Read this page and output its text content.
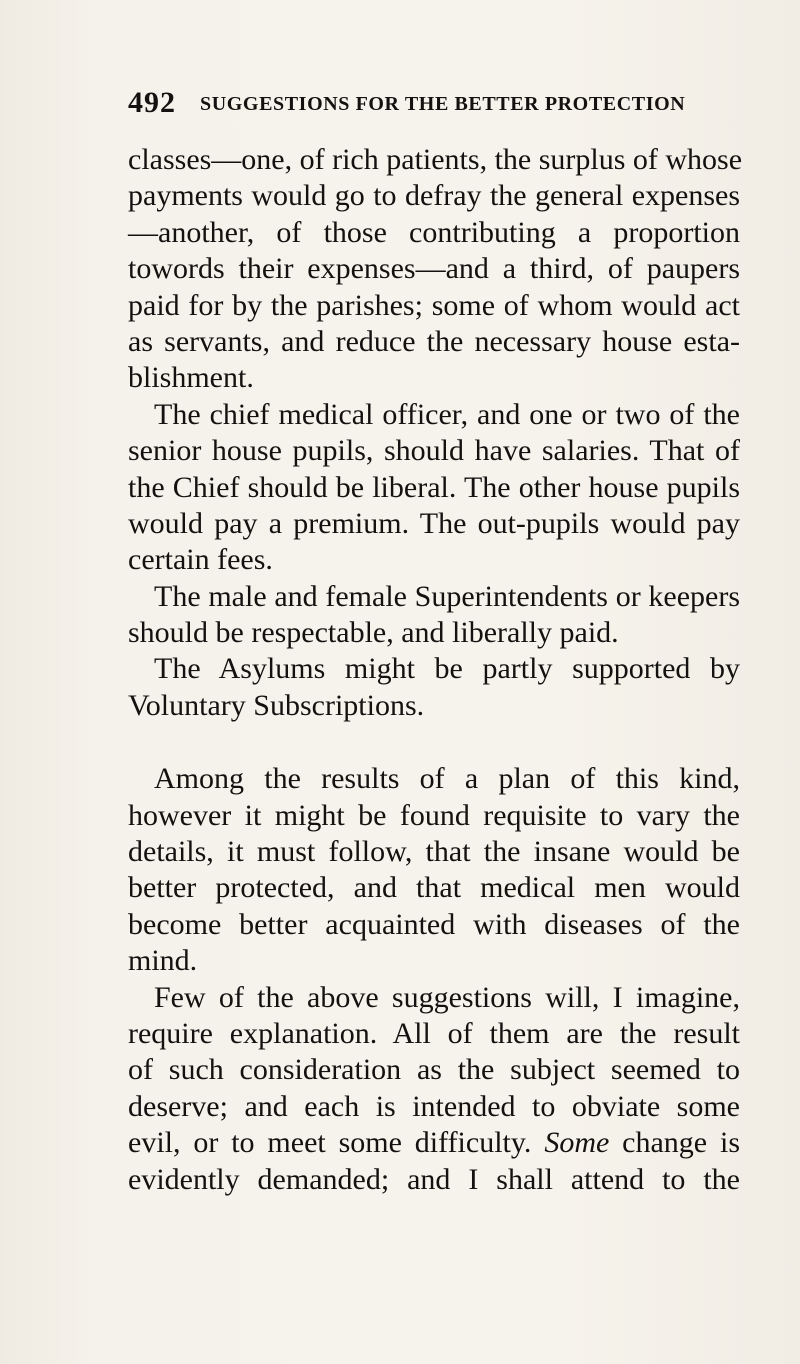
492 SUGGESTIONS FOR THE BETTER PROTECTION
classes—one, of rich patients, the surplus of whose
payments would go to defray the general expenses
—another, of those contributing a proportion
towords their expenses—and a third, of paupers
paid for by the parishes; some of whom would act
as servants, and reduce the necessary house esta-
blishment.
The chief medical officer, and one or two of the
senior house pupils, should have salaries. That of
the Chief should be liberal. The other house pupils
would pay a premium. The out-pupils would pay
certain fees.
The male and female Superintendents or keepers
should be respectable, and liberally paid.
The Asylums might be partly supported by
Voluntary Subscriptions.
Among the results of a plan of this kind,
however it might be found requisite to vary the
details, it must follow, that the insane would be
better protected, and that medical men would
become better acquainted with diseases of the
mind.
Few of the above suggestions will, I imagine,
require explanation. All of them are the result
of such consideration as the subject seemed to
deserve; and each is intended to obviate some
evil, or to meet some difficulty. Some change is
evidently demanded; and I shall attend to the
